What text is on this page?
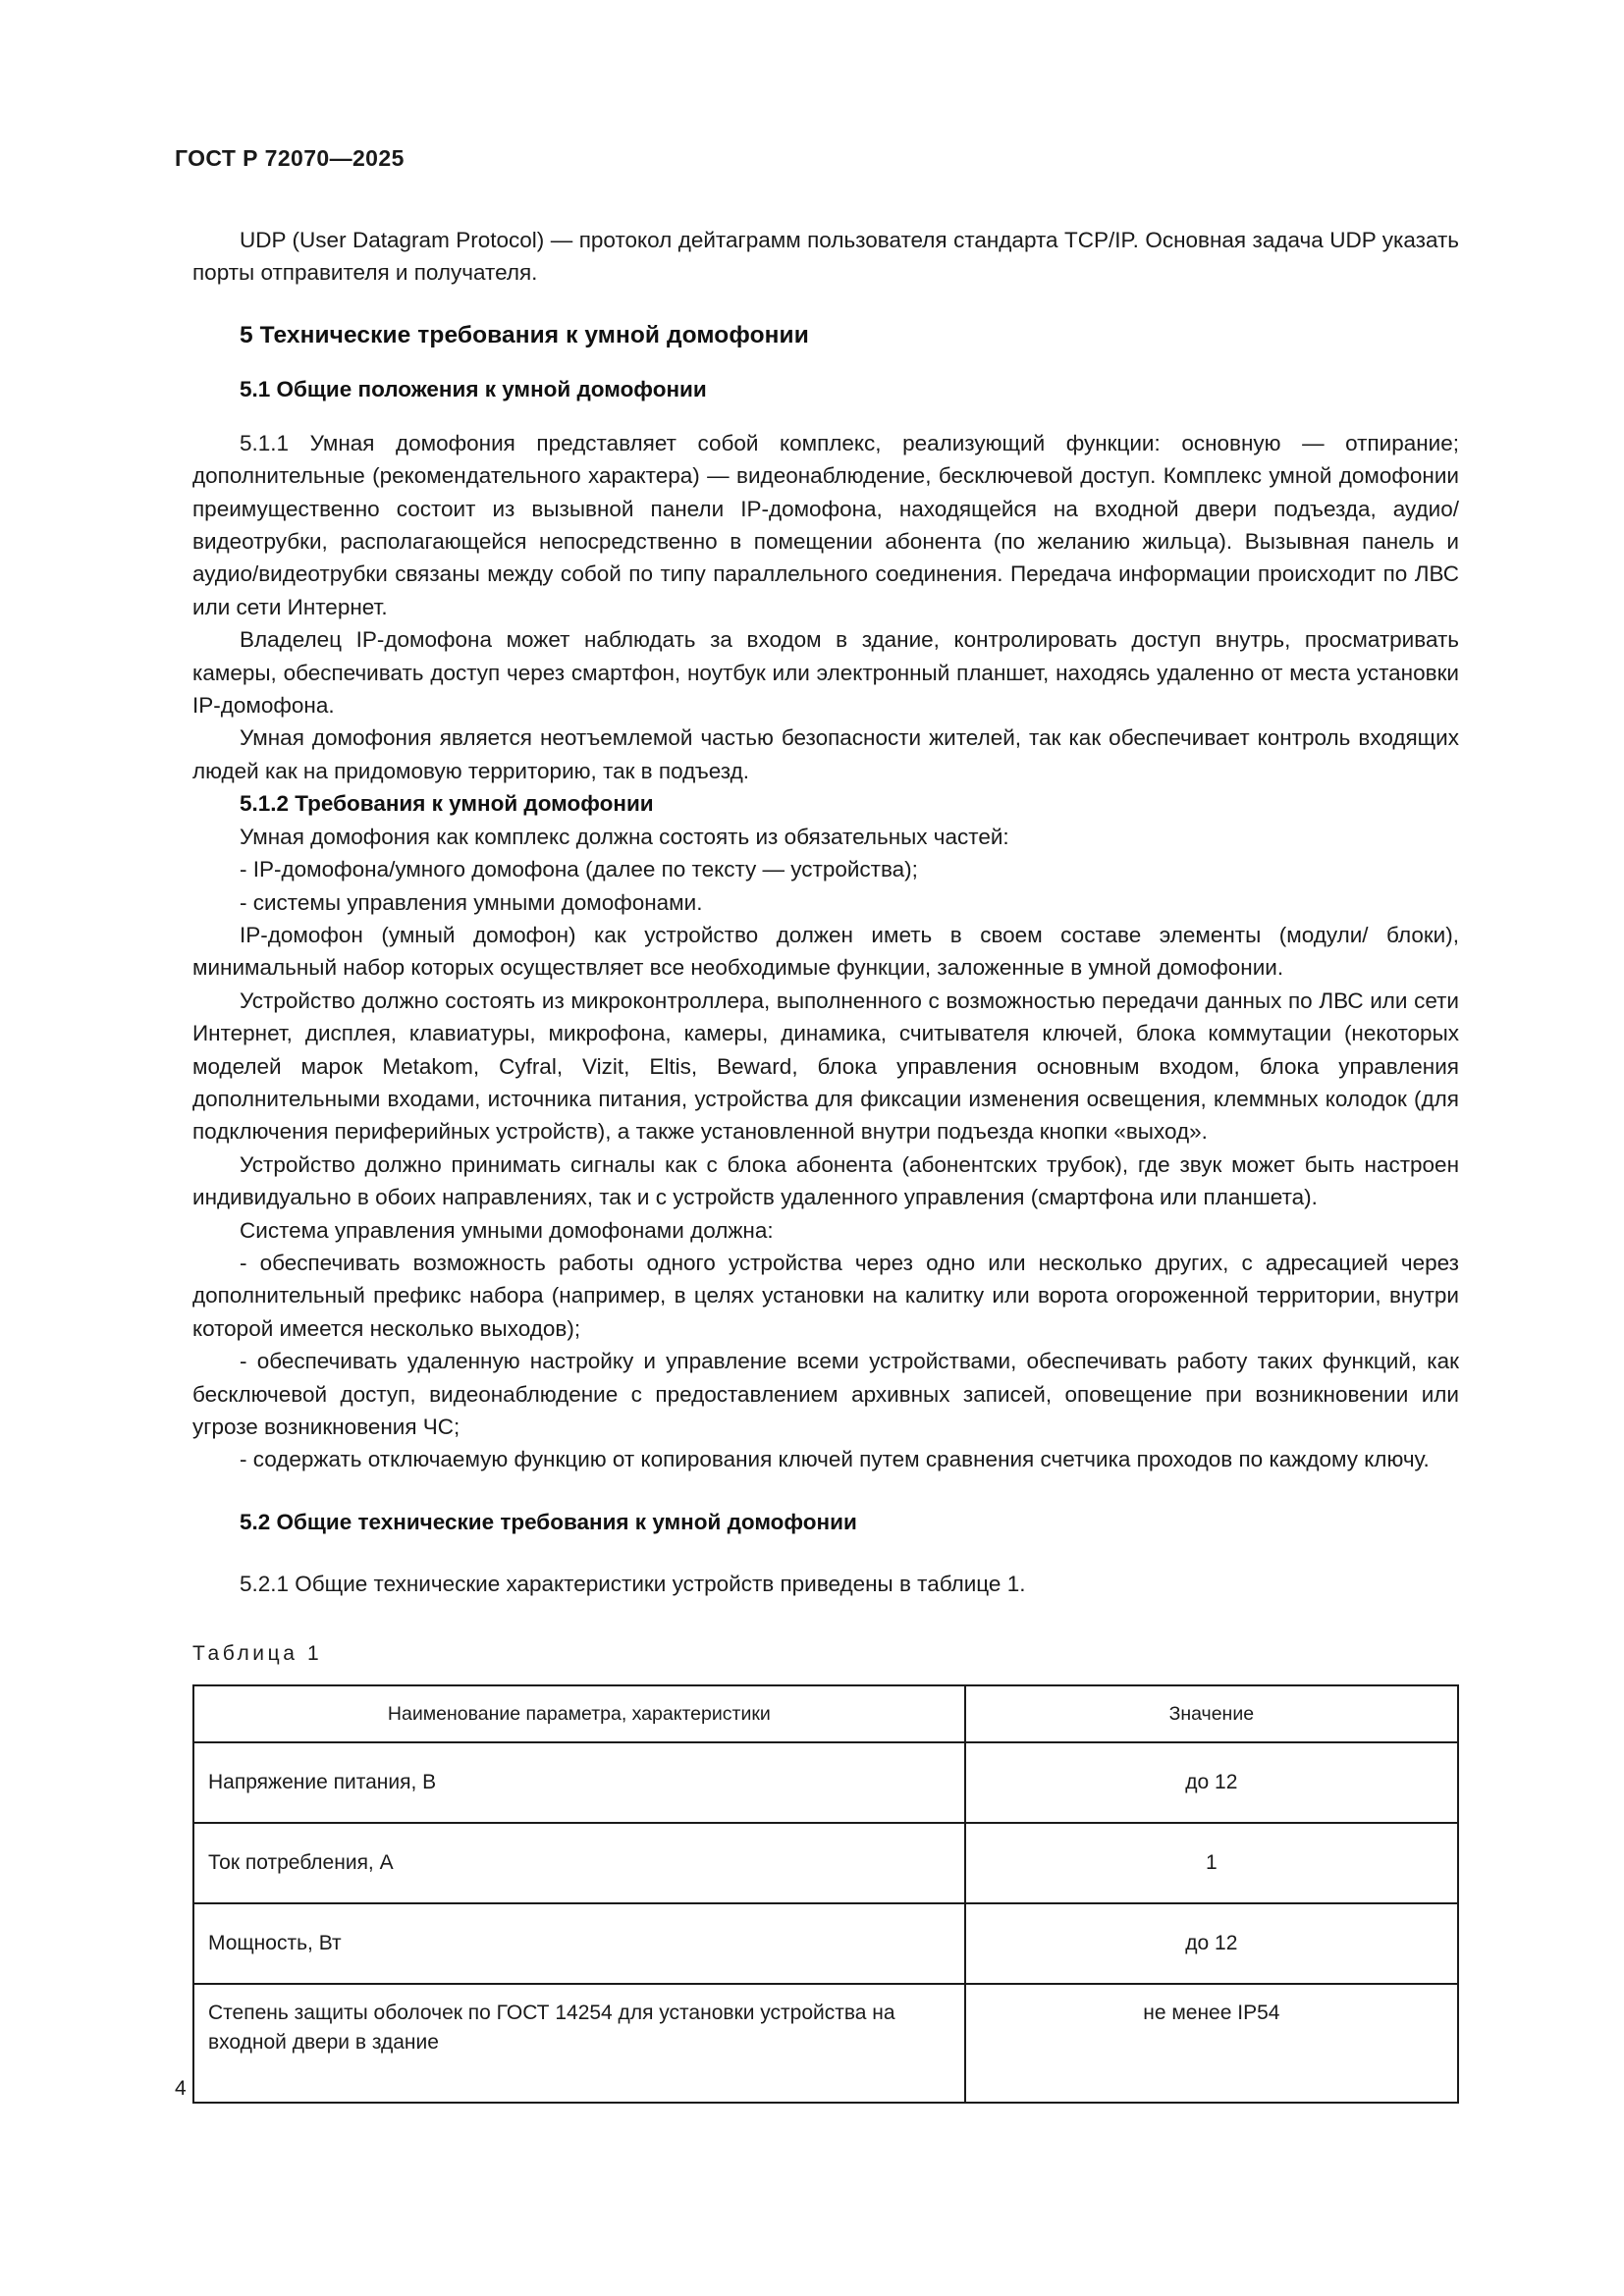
ГОСТ Р 72070—2025

UDP (User Datagram Protocol) — протокол дейтаграмм пользователя стандарта TCP/IP. Основная задача UDP указать порты отправителя и получателя.

5 Технические требования к умной домофонии
5.1 Общие положения к умной домофонии

5.1.1 Умная домофония представляет собой комплекс, реализующий функции: основную — отпирание; дополнительные (рекомендательного характера) — видеонаблюдение, бесключевой доступ. Комплекс умной домофонии преимущественно состоит из вызывной панели IP-домофона, находящейся на входной двери подъезда, аудио/видеотрубки, располагающейся непосредственно в помещении абонента (по желанию жильца). Вызывная панель и аудио/видеотрубки связаны между собой по типу параллельного соединения. Передача информации происходит по ЛВС или сети Интернет.

Владелец IP-домофона может наблюдать за входом в здание, контролировать доступ внутрь, просматривать камеры, обеспечивать доступ через смартфон, ноутбук или электронный планшет, находясь удаленно от места установки IP-домофона.

Умная домофония является неотъемлемой частью безопасности жителей, так как обеспечивает контроль входящих людей как на придомовую территорию, так в подъезд.

5.1.2 Требования к умной домофонии

Умная домофония как комплекс должна состоять из обязательных частей:

- IP-домофона/умного домофона (далее по тексту — устройства);

- системы управления умными домофонами.

IP-домофон (умный домофон) как устройство должен иметь в своем составе элементы (модули/ блоки), минимальный набор которых осуществляет все необходимые функции, заложенные в умной домофонии.

Устройство должно состоять из микроконтроллера, выполненного с возможностью передачи данных по ЛВС или сети Интернет, дисплея, клавиатуры, микрофона, камеры, динамика, считывателя ключей, блока коммутации (некоторых моделей марок Metakom, Cyfral, Vizit, Eltis, Beward, блока управления основным входом, блока управления дополнительными входами, источника питания, устройства для фиксации изменения освещения, клеммных колодок (для подключения периферийных устройств), а также установленной внутри подъезда кнопки «выход».

Устройство должно принимать сигналы как с блока абонента (абонентских трубок), где звук может быть настроен индивидуально в обоих направлениях, так и с устройств удаленного управления (смартфона или планшета).

Система управления умными домофонами должна:

- обеспечивать возможность работы одного устройства через одно или несколько других, с адресацией через дополнительный префикс набора (например, в целях установки на калитку или ворота огороженной территории, внутри которой имеется несколько выходов);

- обеспечивать удаленную настройку и управление всеми устройствами, обеспечивать работу таких функций, как бесключевой доступ, видеонаблюдение с предоставлением архивных записей, оповещение при возникновении или угрозе возникновения ЧС;

- содержать отключаемую функцию от копирования ключей путем сравнения счетчика проходов по каждому ключу.

5.2 Общие технические требования к умной домофонии

5.2.1 Общие технические характеристики устройств приведены в таблице 1.

Таблица 1

Наименование параметра, характеристики	Значение
Напряжение питания, В	до 12
Ток потребления, А	1
Мощность, Вт	до 12
Степень защиты оболочек по ГОСТ 14254 для установки устройства на входной двери в здание	не менее IP54
4
